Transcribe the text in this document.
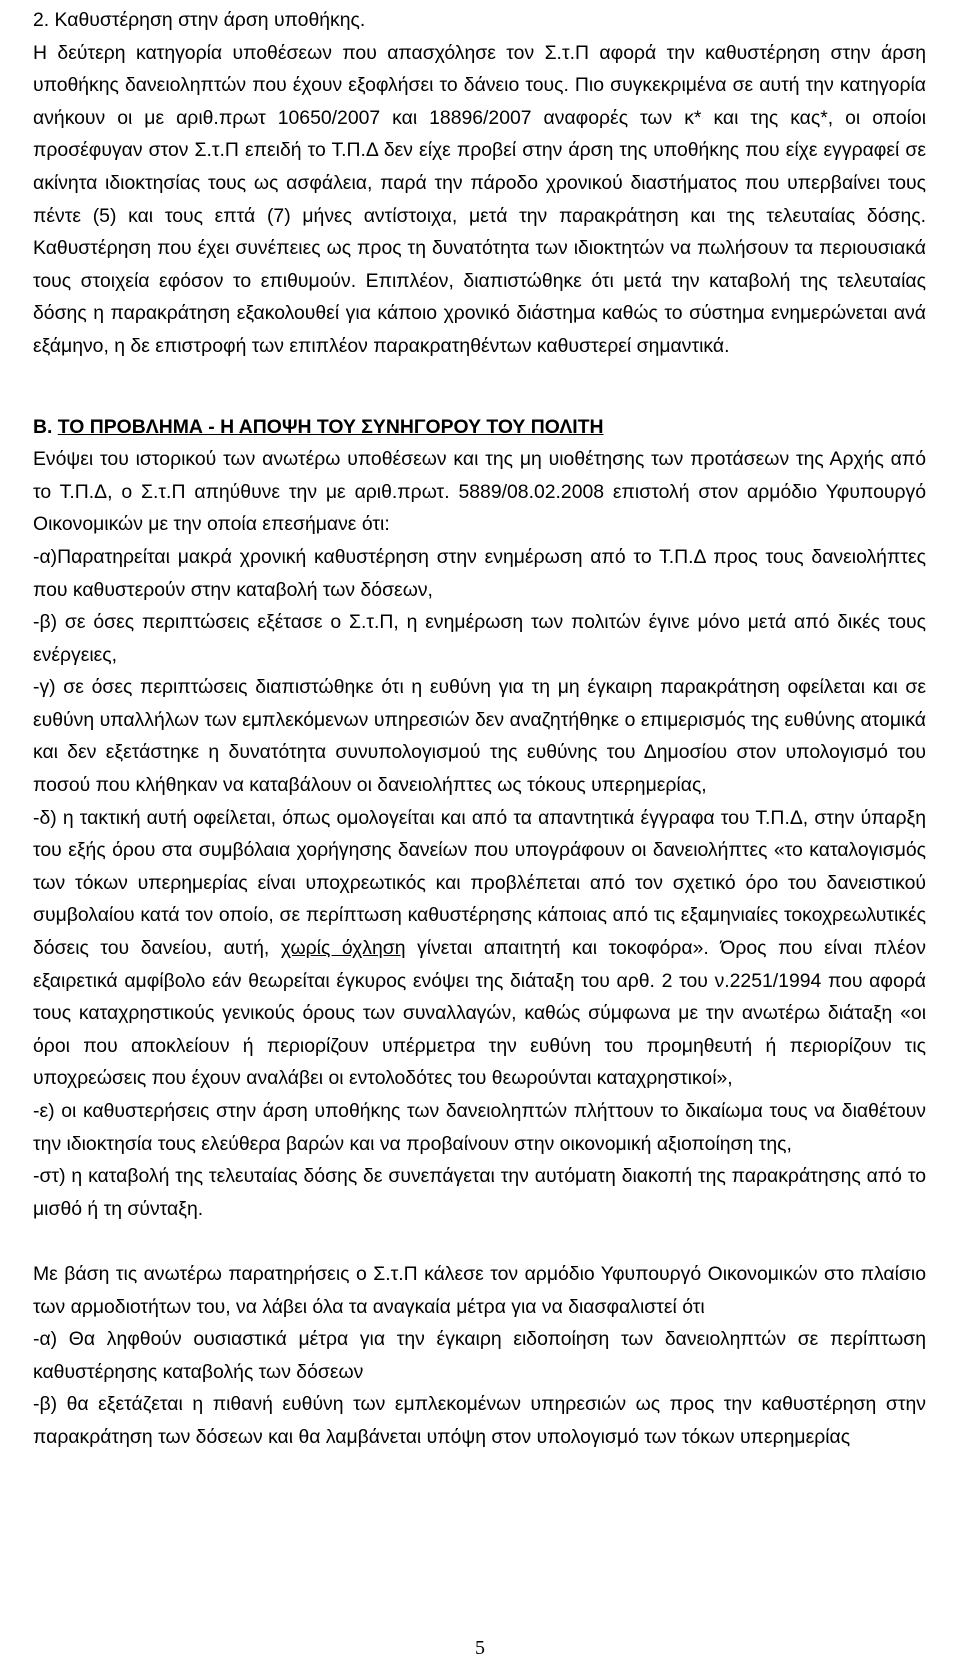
2. Καθυστέρηση στην άρση υποθήκης.

Η δεύτερη κατηγορία υποθέσεων που απασχόλησε τον Σ.τ.Π αφορά την καθυστέρηση στην άρση υποθήκης δανειοληπτών που έχουν εξοφλήσει το δάνειο τους. Πιο συγκεκριμένα σε αυτή την κατηγορία ανήκουν οι με αριθ.πρωτ 10650/2007 και 18896/2007 αναφορές των κ* και της κας*, οι οποίοι προσέφυγαν στον Σ.τ.Π επειδή το Τ.Π.Δ δεν είχε προβεί στην άρση της υποθήκης που είχε εγγραφεί σε ακίνητα ιδιοκτησίας τους ως ασφάλεια, παρά την πάροδο χρονικού διαστήματος που υπερβαίνει τους πέντε (5) και τους επτά (7) μήνες αντίστοιχα, μετά την παρακράτηση και της τελευταίας δόσης. Καθυστέρηση που έχει συνέπειες ως προς τη δυνατότητα των ιδιοκτητών να πωλήσουν τα περιουσιακά τους στοιχεία εφόσον το επιθυμούν. Επιπλέον, διαπιστώθηκε ότι μετά την καταβολή της τελευταίας δόσης η παρακράτηση εξακολουθεί για κάποιο χρονικό διάστημα καθώς το σύστημα ενημερώνεται ανά εξάμηνο, η δε επιστροφή των επιπλέον παρακρατηθέντων καθυστερεί σημαντικά.

Β. ΤΟ ΠΡΟΒΛΗΜΑ - Η ΑΠΟΨΗ ΤΟΥ ΣΥΝΗΓΟΡΟΥ ΤΟΥ ΠΟΛΙΤΗ

Ενόψει του ιστορικού των ανωτέρω υποθέσεων και της μη υιοθέτησης των προτάσεων της Αρχής από το Τ.Π.Δ, ο Σ.τ.Π απηύθυνε την με αριθ.πρωτ. 5889/08.02.2008 επιστολή στον αρμόδιο Υφυπουργό Οικονομικών με την οποία επεσήμανε ότι:

-α)Παρατηρείται μακρά χρονική καθυστέρηση στην ενημέρωση από το Τ.Π.Δ προς τους δανειολήπτες που καθυστερούν στην καταβολή των δόσεων,

-β) σε όσες περιπτώσεις εξέτασε ο Σ.τ.Π, η ενημέρωση των πολιτών έγινε μόνο μετά από δικές τους ενέργειες,

-γ) σε όσες περιπτώσεις διαπιστώθηκε ότι η ευθύνη για τη μη έγκαιρη παρακράτηση οφείλεται και σε ευθύνη υπαλλήλων των εμπλεκόμενων υπηρεσιών δεν αναζητήθηκε ο επιμερισμός της ευθύνης ατομικά και δεν εξετάστηκε η δυνατότητα συνυπολογισμού της ευθύνης του Δημοσίου στον υπολογισμό του ποσού που κλήθηκαν να καταβάλουν οι δανειολήπτες ως τόκους υπερημερίας,

-δ) η τακτική αυτή οφείλεται, όπως ομολογείται και από τα απαντητικά έγγραφα του Τ.Π.Δ, στην ύπαρξη του εξής όρου στα συμβόλαια χορήγησης δανείων που υπογράφουν οι δανειολήπτες «το καταλογισμός των τόκων υπερημερίας είναι υποχρεωτικός και προβλέπεται από τον σχετικό όρο του δανειστικού συμβολαίου κατά τον οποίο, σε περίπτωση καθυστέρησης κάποιας από τις εξαμηνιαίες τοκοχρεωλυτικές δόσεις του δανείου, αυτή, χωρίς όχληση γίνεται απαιτητή και τοκοφόρα». Όρος που είναι πλέον εξαιρετικά αμφίβολο εάν θεωρείται έγκυρος ενόψει της διάταξη του αρθ. 2 του ν.2251/1994 που αφορά τους καταχρηστικούς γενικούς όρους των συναλλαγών, καθώς σύμφωνα με την ανωτέρω διάταξη «οι όροι που αποκλείουν ή περιορίζουν υπέρμετρα την ευθύνη του προμηθευτή ή περιορίζουν τις υποχρεώσεις που έχουν αναλάβει οι εντολοδότες του θεωρούνται καταχρηστικοί»,

-ε) οι καθυστερήσεις στην άρση υποθήκης των δανειοληπτών πλήττουν το δικαίωμα τους να διαθέτουν την ιδιοκτησία τους ελεύθερα βαρών και να προβαίνουν στην οικονομική αξιοποίηση της,

-στ) η καταβολή της τελευταίας δόσης δε συνεπάγεται την αυτόματη διακοπή της παρακράτησης από το μισθό ή τη σύνταξη.

Με βάση τις ανωτέρω παρατηρήσεις ο Σ.τ.Π κάλεσε τον αρμόδιο Υφυπουργό Οικονομικών στο πλαίσιο των αρμοδιοτήτων του, να λάβει όλα τα αναγκαία μέτρα για να διασφαλιστεί ότι

-α) Θα ληφθούν ουσιαστικά μέτρα για την έγκαιρη ειδοποίηση των δανειοληπτών σε περίπτωση καθυστέρησης καταβολής των δόσεων

-β) θα εξετάζεται η πιθανή ευθύνη των εμπλεκομένων υπηρεσιών ως προς την καθυστέρηση στην παρακράτηση των δόσεων και θα λαμβάνεται υπόψη στον υπολογισμό των τόκων υπερημερίας

5
